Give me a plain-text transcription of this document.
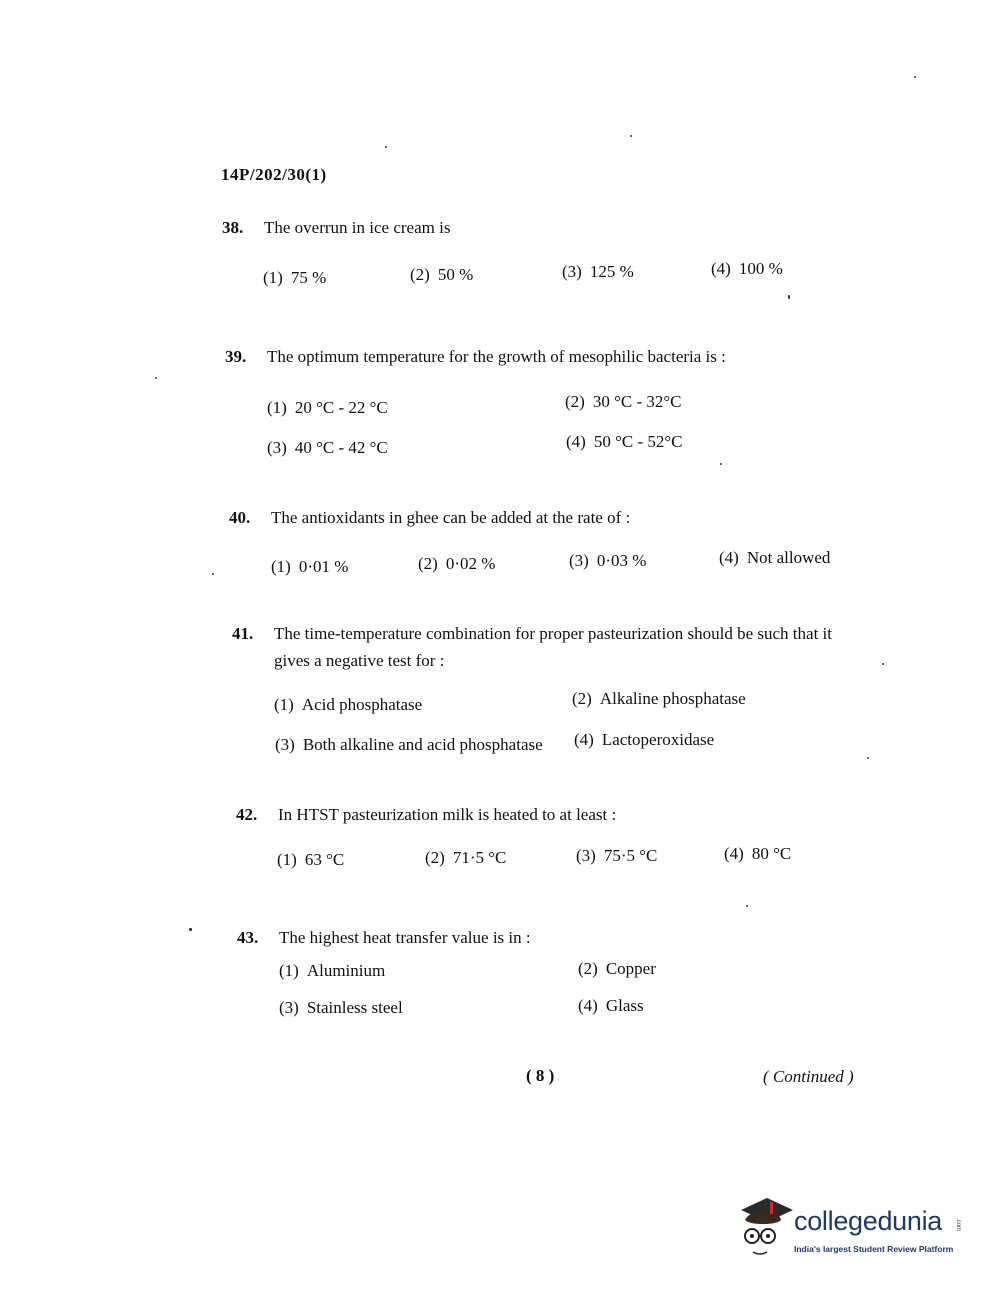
14P/202/30(1)
38. The overrun in ice cream is
(1) 75 %	(2) 50 %	(3) 125 %	(4) 100 %
39. The optimum temperature for the growth of mesophilic bacteria is :
(1) 20 °C - 22 °C	(2) 30 °C - 32°C
(3) 40 °C - 42 °C	(4) 50 °C - 52°C
40. The antioxidants in ghee can be added at the rate of :
(1) 0·01 %	(2) 0·02 %	(3) 0·03 %	(4) Not allowed
41. The time-temperature combination for proper pasteurization should be such that it gives a negative test for :
(1) Acid phosphatase	(2) Alkaline phosphatase
(3) Both alkaline and acid phosphatase (4) Lactoperoxidase
42. In HTST pasteurization milk is heated to at least :
(1) 63 °C	(2) 71·5 °C	(3) 75·5 °C	(4) 80 °C
43. The highest heat transfer value is in :
(1) Aluminium	(2) Copper
(3) Stainless steel	(4) Glass
( 8 )	( Continued )
collegedunia .com
India's largest Student Review Platform
